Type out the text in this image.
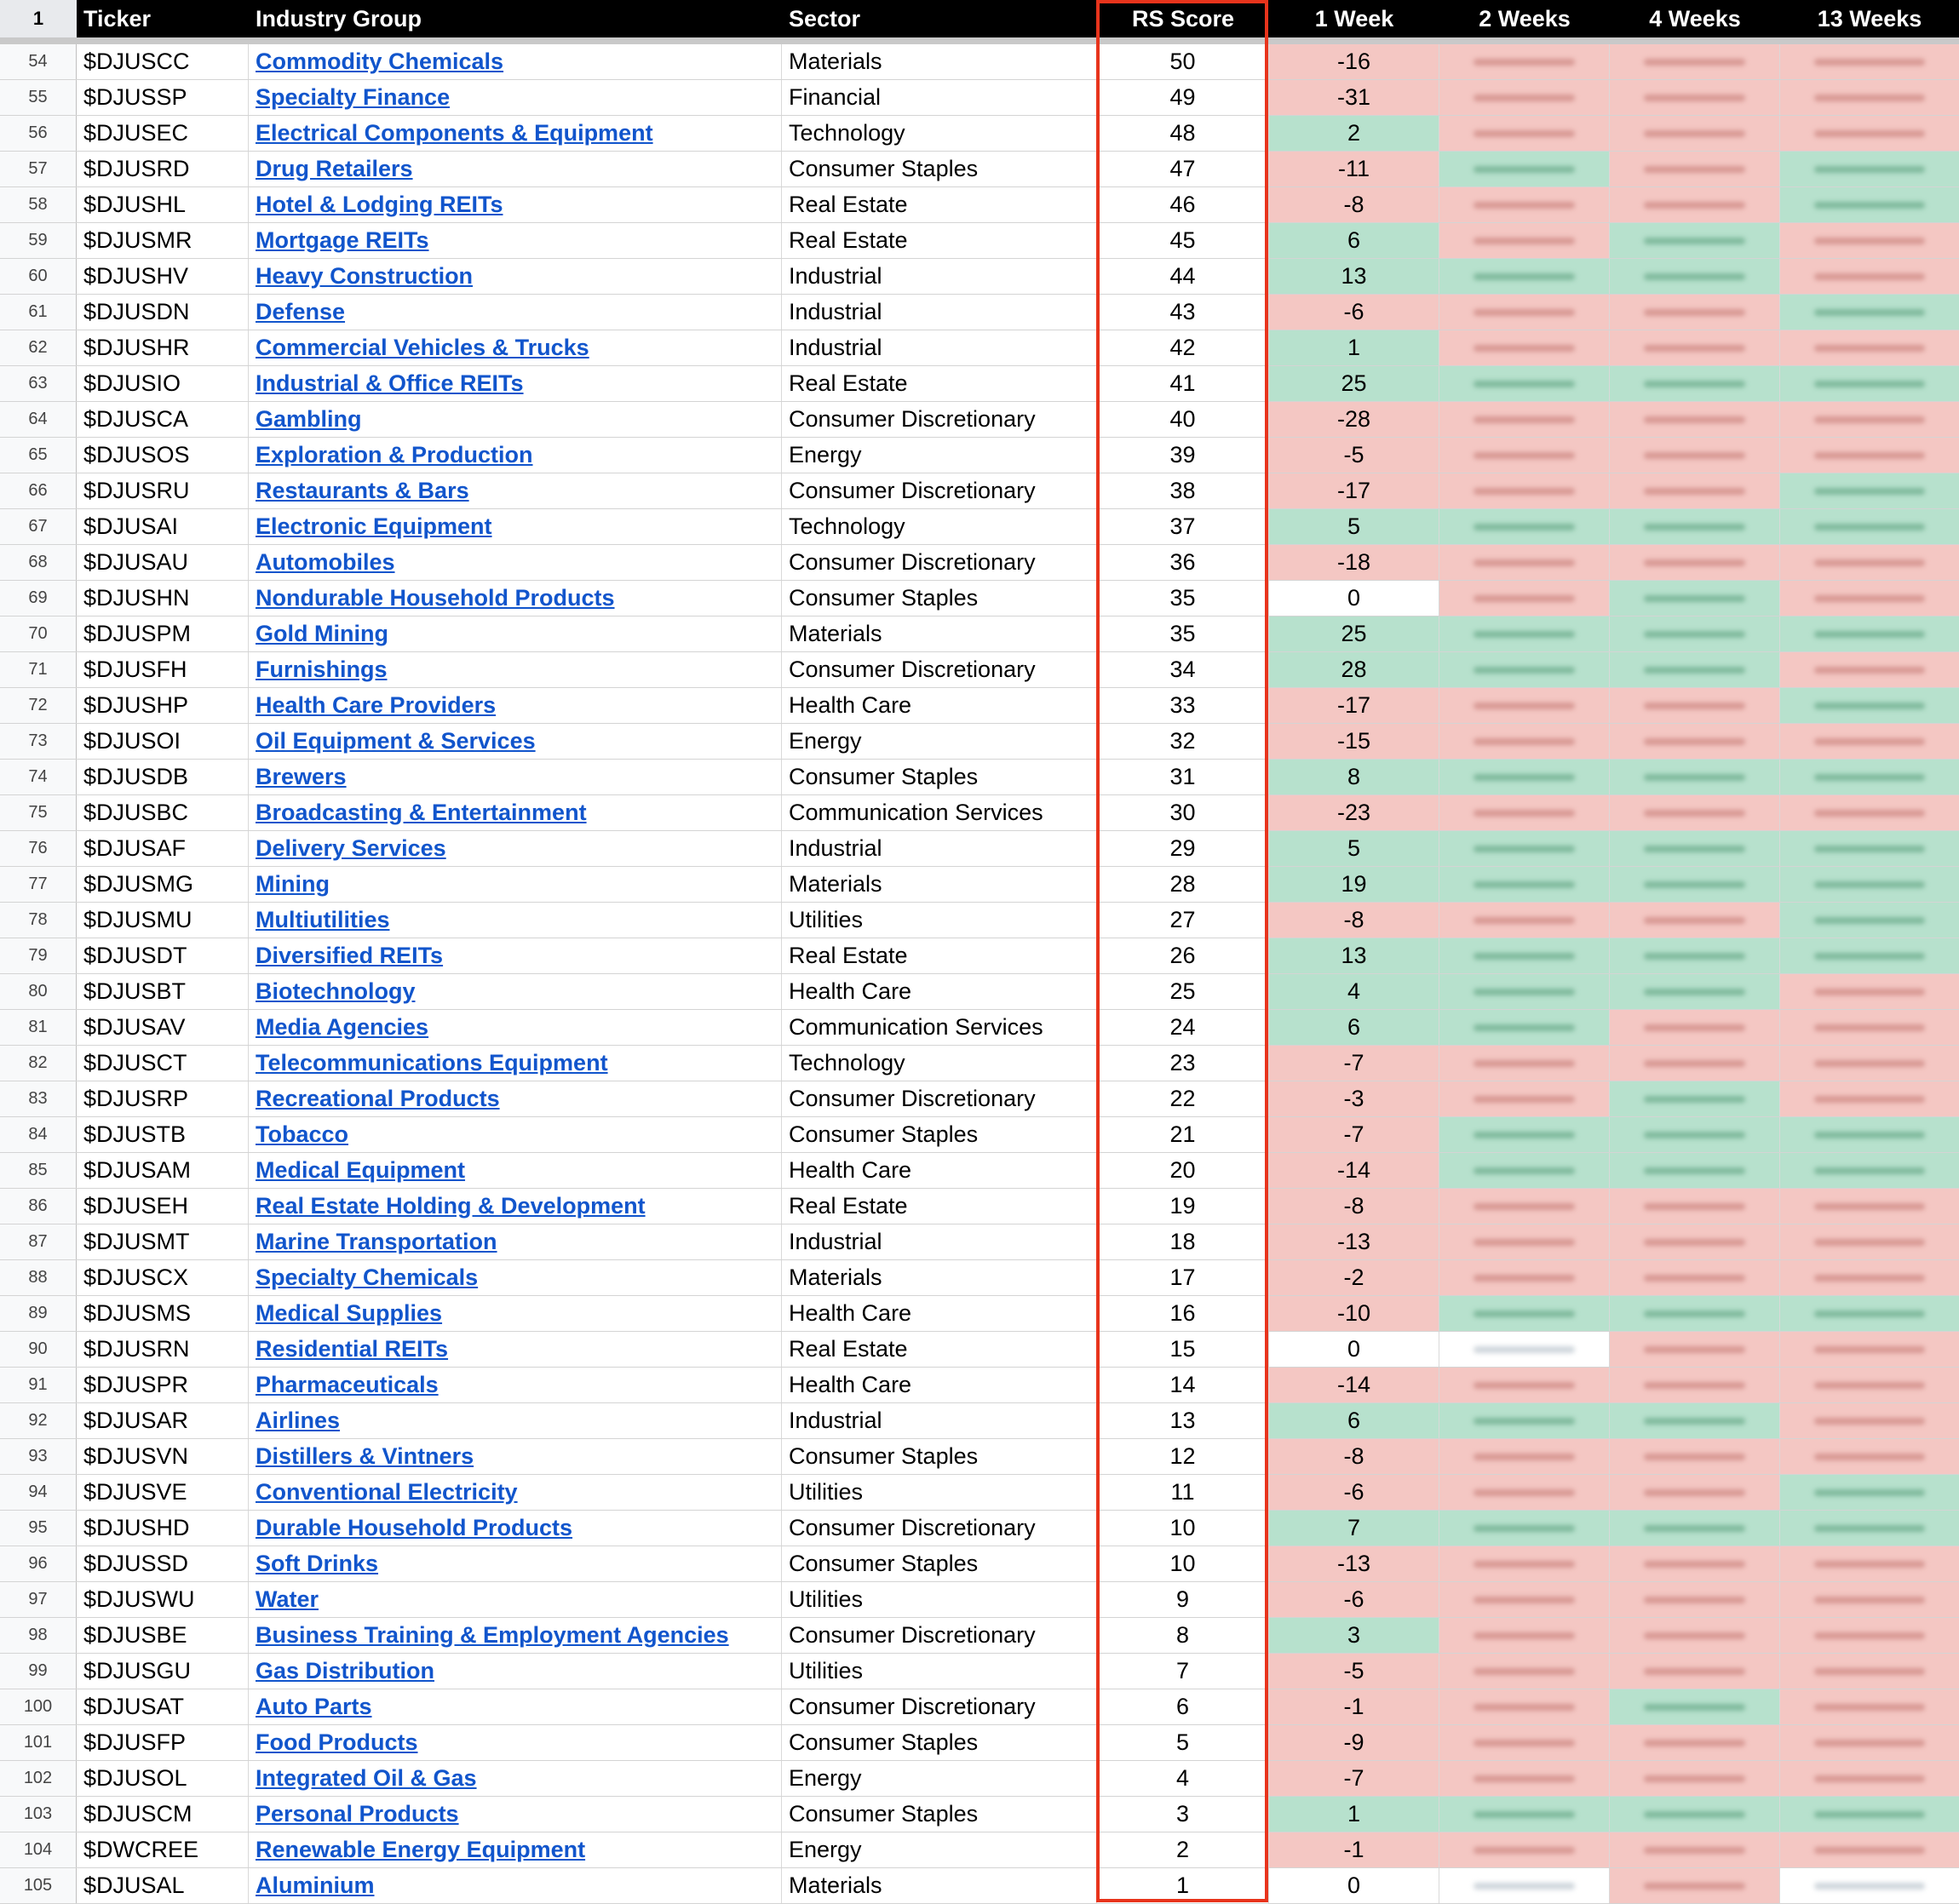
1	Ticker	Industry Group	Sector	RS Score	1 Week	2 Weeks	4 Weeks	13 Weeks
54	$DJUSCC	Commodity Chemicals	Materials	50	-16
55	$DJUSSP	Specialty Finance	Financial	49	-31
56	$DJUSEC	Electrical Components & Equipment	Technology	48	2
57	$DJUSRD	Drug Retailers	Consumer Staples	47	-11
58	$DJUSHL	Hotel & Lodging REITs	Real Estate	46	-8
59	$DJUSMR	Mortgage REITs	Real Estate	45	6
60	$DJUSHV	Heavy Construction	Industrial	44	13
61	$DJUSDN	Defense	Industrial	43	-6
62	$DJUSHR	Commercial Vehicles & Trucks	Industrial	42	1
63	$DJUSIO	Industrial & Office REITs	Real Estate	41	25
64	$DJUSCA	Gambling	Consumer Discretionary	40	-28
65	$DJUSOS	Exploration & Production	Energy	39	-5
66	$DJUSRU	Restaurants & Bars	Consumer Discretionary	38	-17
67	$DJUSAI	Electronic Equipment	Technology	37	5
68	$DJUSAU	Automobiles	Consumer Discretionary	36	-18
69	$DJUSHN	Nondurable Household Products	Consumer Staples	35	0
70	$DJUSPM	Gold Mining	Materials	35	25
71	$DJUSFH	Furnishings	Consumer Discretionary	34	28
72	$DJUSHP	Health Care Providers	Health Care	33	-17
73	$DJUSOI	Oil Equipment & Services	Energy	32	-15
74	$DJUSDB	Brewers	Consumer Staples	31	8
75	$DJUSBC	Broadcasting & Entertainment	Communication Services	30	-23
76	$DJUSAF	Delivery Services	Industrial	29	5
77	$DJUSMG	Mining	Materials	28	19
78	$DJUSMU	Multiutilities	Utilities	27	-8
79	$DJUSDT	Diversified REITs	Real Estate	26	13
80	$DJUSBT	Biotechnology	Health Care	25	4
81	$DJUSAV	Media Agencies	Communication Services	24	6
82	$DJUSCT	Telecommunications Equipment	Technology	23	-7
83	$DJUSRP	Recreational Products	Consumer Discretionary	22	-3
84	$DJUSTB	Tobacco	Consumer Staples	21	-7
85	$DJUSAM	Medical Equipment	Health Care	20	-14
86	$DJUSEH	Real Estate Holding & Development	Real Estate	19	-8
87	$DJUSMT	Marine Transportation	Industrial	18	-13
88	$DJUSCX	Specialty Chemicals	Materials	17	-2
89	$DJUSMS	Medical Supplies	Health Care	16	-10
90	$DJUSRN	Residential REITs	Real Estate	15	0
91	$DJUSPR	Pharmaceuticals	Health Care	14	-14
92	$DJUSAR	Airlines	Industrial	13	6
93	$DJUSVN	Distillers & Vintners	Consumer Staples	12	-8
94	$DJUSVE	Conventional Electricity	Utilities	11	-6
95	$DJUSHD	Durable Household Products	Consumer Discretionary	10	7
96	$DJUSSD	Soft Drinks	Consumer Staples	10	-13
97	$DJUSWU	Water	Utilities	9	-6
98	$DJUSBE	Business Training & Employment Agencies	Consumer Discretionary	8	3
99	$DJUSGU	Gas Distribution	Utilities	7	-5
100	$DJUSAT	Auto Parts	Consumer Discretionary	6	-1
101	$DJUSFP	Food Products	Consumer Staples	5	-9
102	$DJUSOL	Integrated Oil & Gas	Energy	4	-7
103	$DJUSCM	Personal Products	Consumer Staples	3	1
104	$DWCREE	Renewable Energy Equipment	Energy	2	-1
105	$DJUSAL	Aluminium	Materials	1	0
